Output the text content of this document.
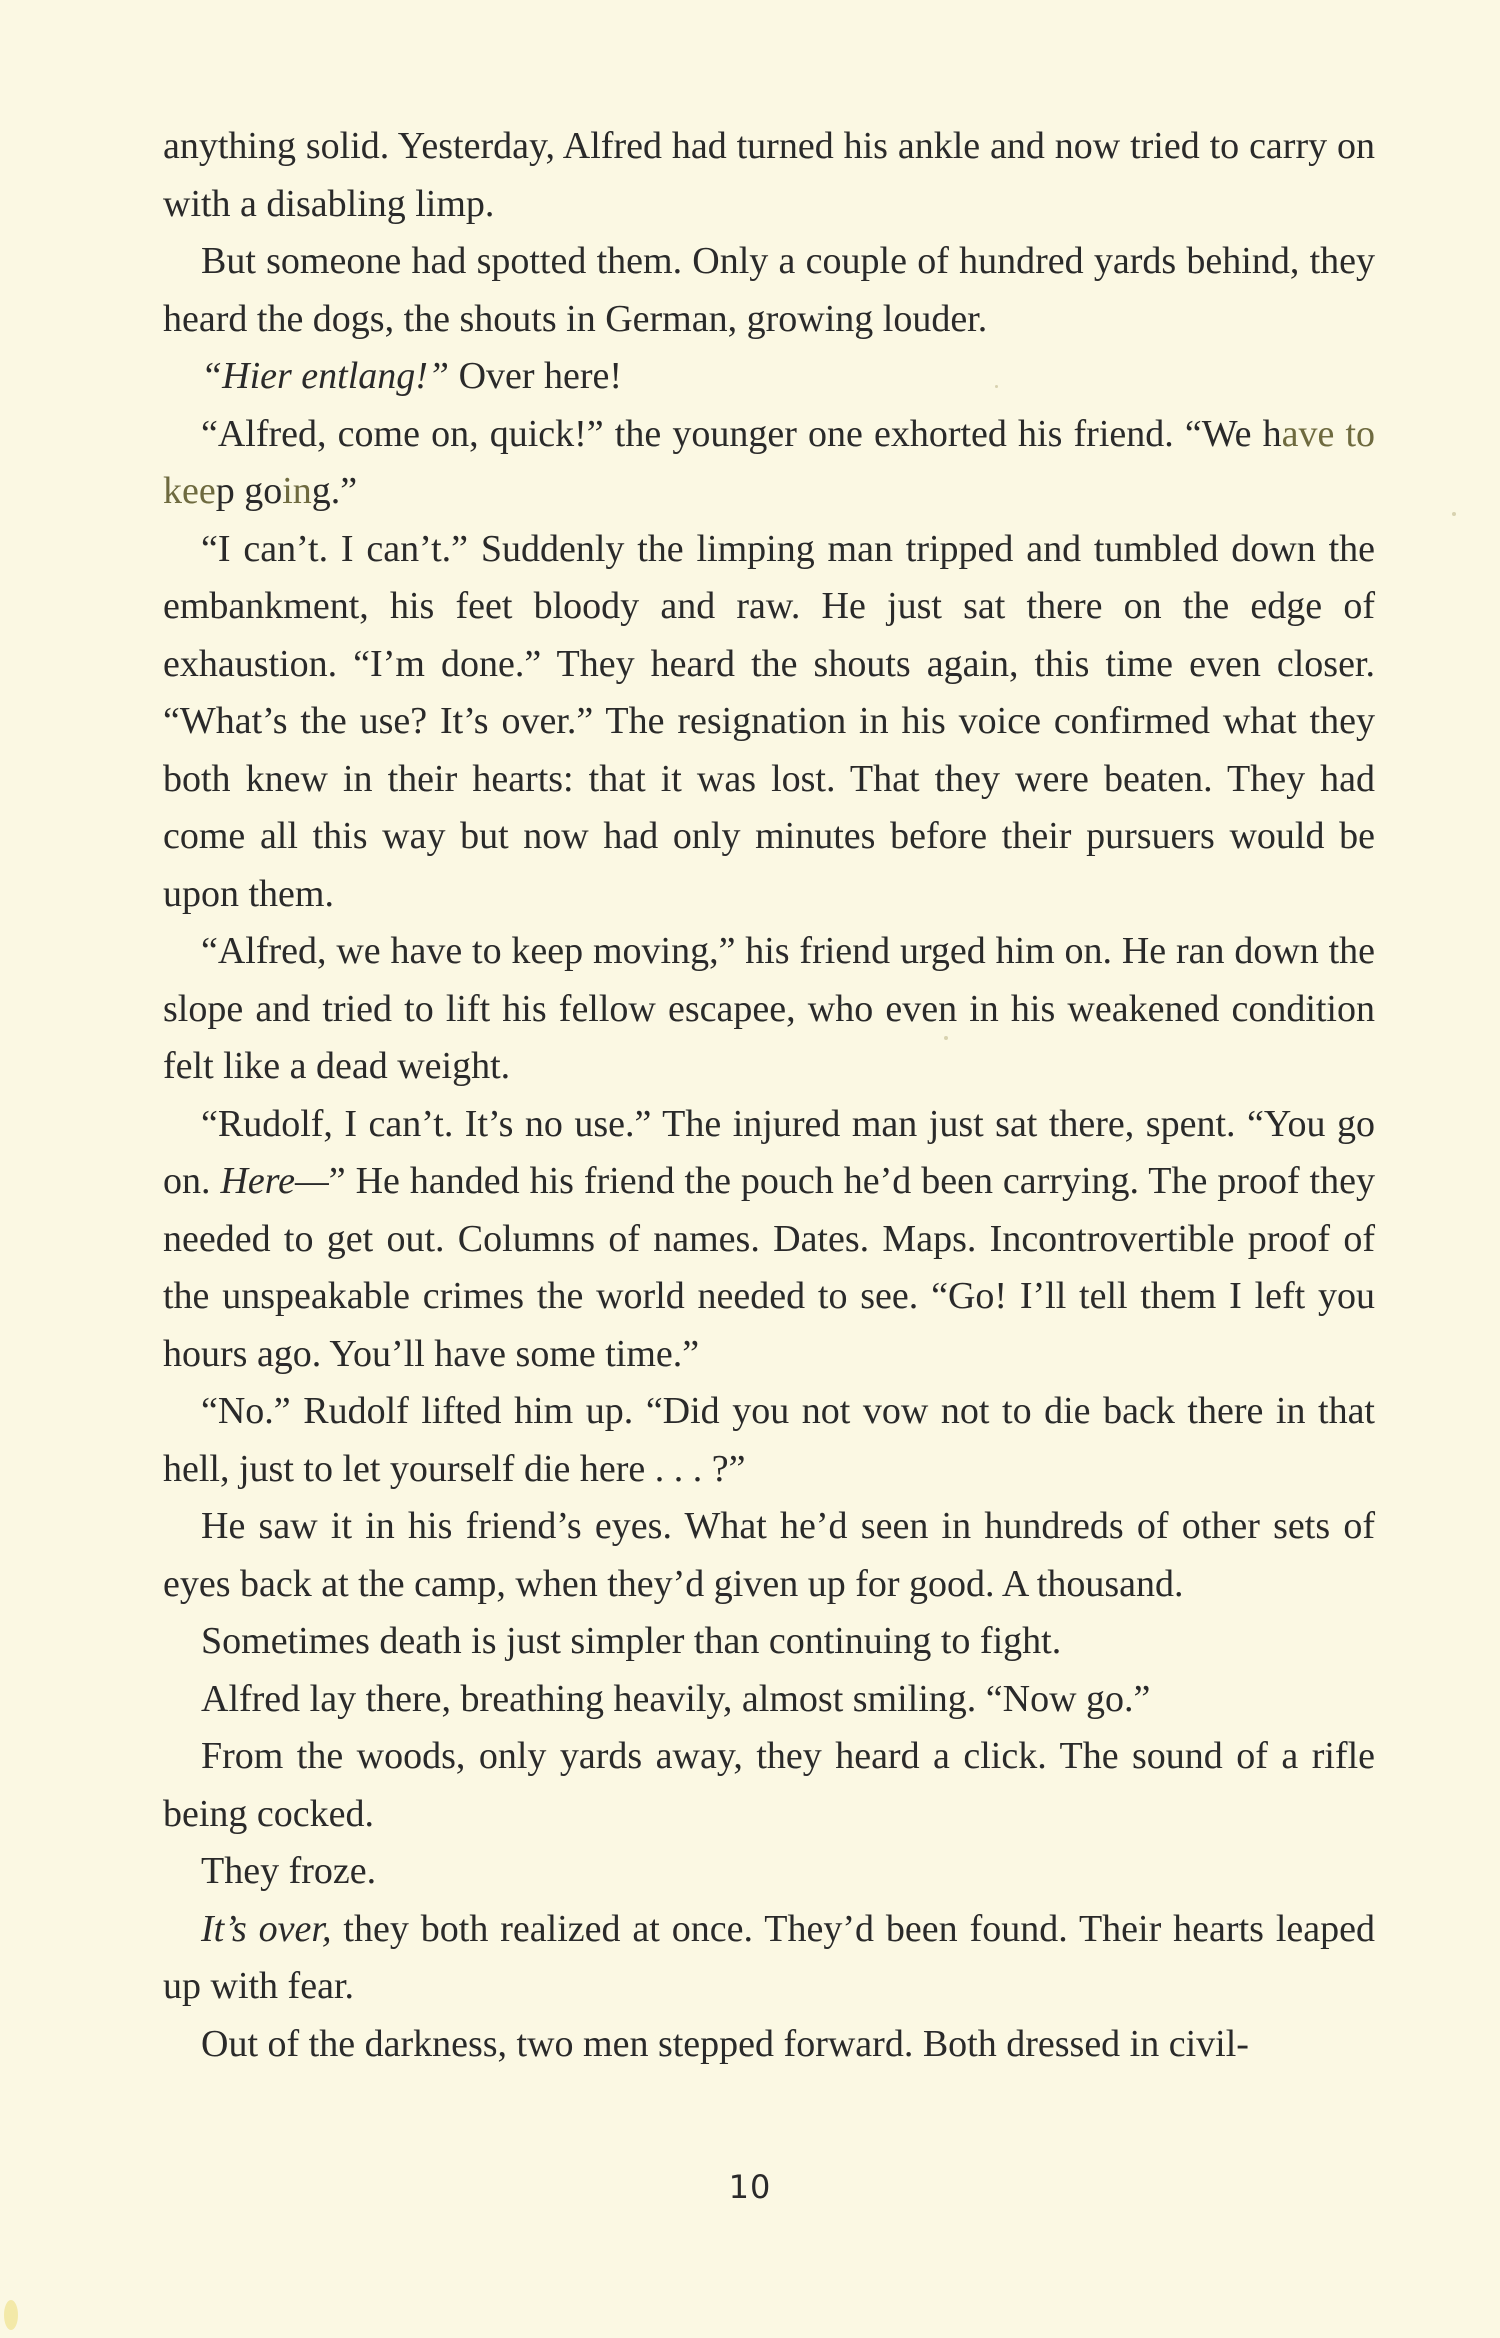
anything solid. Yesterday, Alfred had turned his ankle and now tried to carry on with a disabling limp.

But someone had spotted them. Only a couple of hundred yards behind, they heard the dogs, the shouts in German, growing louder.

“Hier entlang!” Over here!

“Alfred, come on, quick!” the younger one exhorted his friend. “We have to keep going.”

“I can’t. I can’t.” Suddenly the limping man tripped and tumbled down the embankment, his feet bloody and raw. He just sat there on the edge of exhaustion. “I’m done.” They heard the shouts again, this time even closer. “What’s the use? It’s over.” The resignation in his voice confirmed what they both knew in their hearts: that it was lost. That they were beaten. They had come all this way but now had only minutes before their pursuers would be upon them.

“Alfred, we have to keep moving,” his friend urged him on. He ran down the slope and tried to lift his fellow escapee, who even in his weakened condition felt like a dead weight.

“Rudolf, I can’t. It’s no use.” The injured man just sat there, spent. “You go on. Here—” He handed his friend the pouch he’d been carrying. The proof they needed to get out. Columns of names. Dates. Maps. Incontrovertible proof of the unspeakable crimes the world needed to see. “Go! I’ll tell them I left you hours ago. You’ll have some time.”

“No.” Rudolf lifted him up. “Did you not vow not to die back there in that hell, just to let yourself die here . . . ?”

He saw it in his friend’s eyes. What he’d seen in hundreds of other sets of eyes back at the camp, when they’d given up for good. A thousand.

Sometimes death is just simpler than continuing to fight.

Alfred lay there, breathing heavily, almost smiling. “Now go.”

From the woods, only yards away, they heard a click. The sound of a rifle being cocked.

They froze.

It’s over, they both realized at once. They’d been found. Their hearts leaped up with fear.

Out of the darkness, two men stepped forward. Both dressed in civil-

10
